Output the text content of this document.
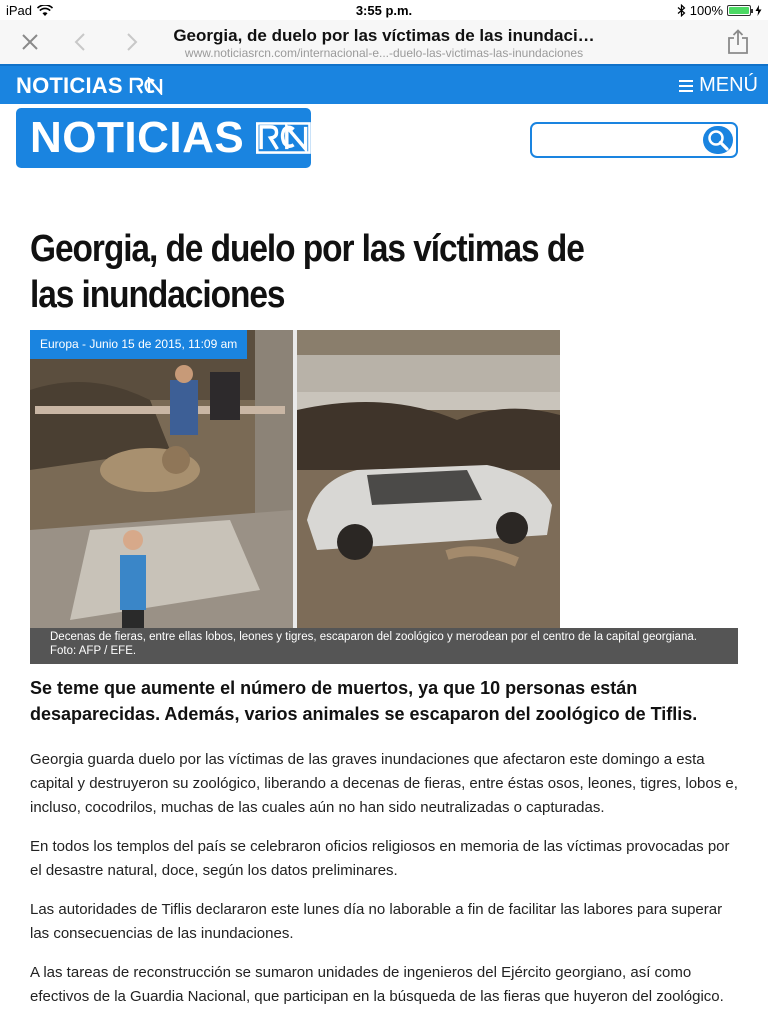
iPad	3:55 p.m.	100%
Georgia, de duelo por las víctimas de las inundaci…
www.noticiasrcn.com/internacional-e...-duelo-las-victimas-las-inundaciones
NOTICIAS	MENÚ
NOTICIAS
Georgia, de duelo por las víctimas de las inundaciones
Europa - Junio 15 de 2015, 11:09 am
Decenas de fieras, entre ellas lobos, leones y tigres, escaparon del zoológico y merodean por el centro de la capital georgiana.
Foto: AFP / EFE.

Se teme que aumente el número de muertos, ya que 10 personas están desaparecidas. Además, varios animales se escaparon del zoológico de Tiflis.

Georgia guarda duelo por las víctimas de las graves inundaciones que afectaron este domingo a esta capital y destruyeron su zoológico, liberando a decenas de fieras, entre éstas osos, leones, tigres, lobos e, incluso, cocodrilos, muchas de las cuales aún no han sido neutralizadas o capturadas.

En todos los templos del país se celebraron oficios religiosos en memoria de las víctimas provocadas por el desastre natural, doce, según los datos preliminares.

Las autoridades de Tiflis declararon este lunes día no laborable a fin de facilitar las labores para superar las consecuencias de las inundaciones.

A las tareas de reconstrucción se sumaron unidades de ingenieros del Ejército georgiano, así como efectivos de la Guardia Nacional, que participan en la búsqueda de las fieras que huyeron del zoológico.
